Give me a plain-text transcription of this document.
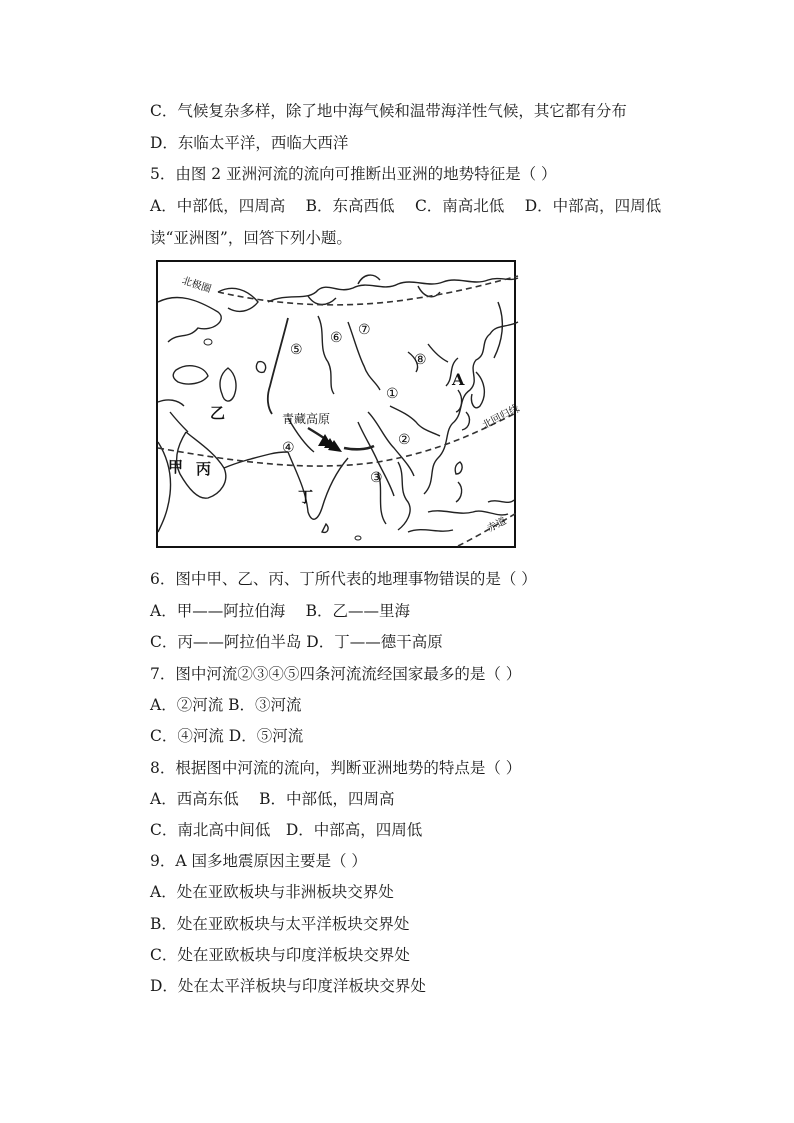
C．气候复杂多样，除了地中海气候和温带海洋性气候，其它都有分布
D．东临太平洋，西临大西洋
5．由图 2 亚洲河流的流向可推断出亚洲的地势特征是（ ）
A．中部低，四周高　 B．东高西低　 C．南高北低　 D．中部高，四周低
读“亚洲图”，回答下列小题。
北极圈
北回归线
赤道
青藏高原
甲
乙
丙
丁
A
①
②
③
④
⑤
⑥ ⑦
⑧
6．图中甲、乙、丙、丁所代表的地理事物错误的是（ ）
A．甲——阿拉伯海　 B．乙——里海
C．丙——阿拉伯半岛 D．丁——德干高原
7．图中河流②③④⑤四条河流流经国家最多的是（ ）
A．②河流 B．③河流
C．④河流 D．⑤河流
8．根据图中河流的流向，判断亚洲地势的特点是（ ）
A．西高东低　 B．中部低，四周高
C．南北高中间低　D．中部高，四周低
9．A 国多地震原因主要是（ ）
A．处在亚欧板块与非洲板块交界处
B．处在亚欧板块与太平洋板块交界处
C．处在亚欧板块与印度洋板块交界处
D．处在太平洋板块与印度洋板块交界处
